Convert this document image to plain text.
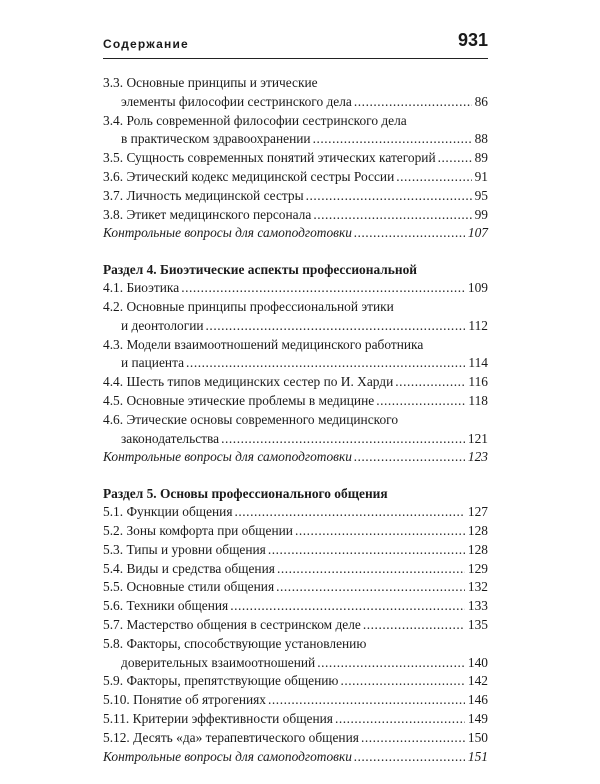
Содержание	931
3.3. Основные принципы и этические
элементы философии сестринского дела . . .	86
3.4. Роль современной философии сестринского дела
в практическом здравоохранении . . .	88
3.5. Сущность современных понятий этических категорий . . .	89
3.6. Этический кодекс медицинской сестры России . . .	91
3.7. Личность медицинской сестры . . .	95
3.8. Этикет медицинского персонала . . .	99
Контрольные вопросы для самоподготовки . . .	107
Раздел 4. Биоэтические аспекты профессиональной
4.1. Биоэтика . . .	109
4.2. Основные принципы профессиональной этики
и деонтологии . . .	112
4.3. Модели взаимоотношений медицинского работника
и пациента . . .	114
4.4. Шесть типов медицинских сестер по И. Харди . . .	116
4.5. Основные этические проблемы в медицине . . .	118
4.6. Этические основы современного медицинского
законодательства . . .	121
Контрольные вопросы для самоподготовки . . .	123
Раздел 5. Основы профессионального общения
5.1. Функции общения . . .	127
5.2. Зоны комфорта при общении . . .	128
5.3. Типы и уровни общения . . .	128
5.4. Виды и средства общения . . .	129
5.5. Основные стили общения . . .	132
5.6. Техники общения . . .	133
5.7. Мастерство общения в сестринском деле . . .	135
5.8. Факторы, способствующие установлению
доверительных взаимоотношений . . .	140
5.9. Факторы, препятствующие общению . . .	142
5.10. Понятие об ятрогениях . . .	146
5.11. Критерии эффективности общения . . .	149
5.12. Десять «да» терапевтического общения . . .	150
Контрольные вопросы для самоподготовки . . .	151
